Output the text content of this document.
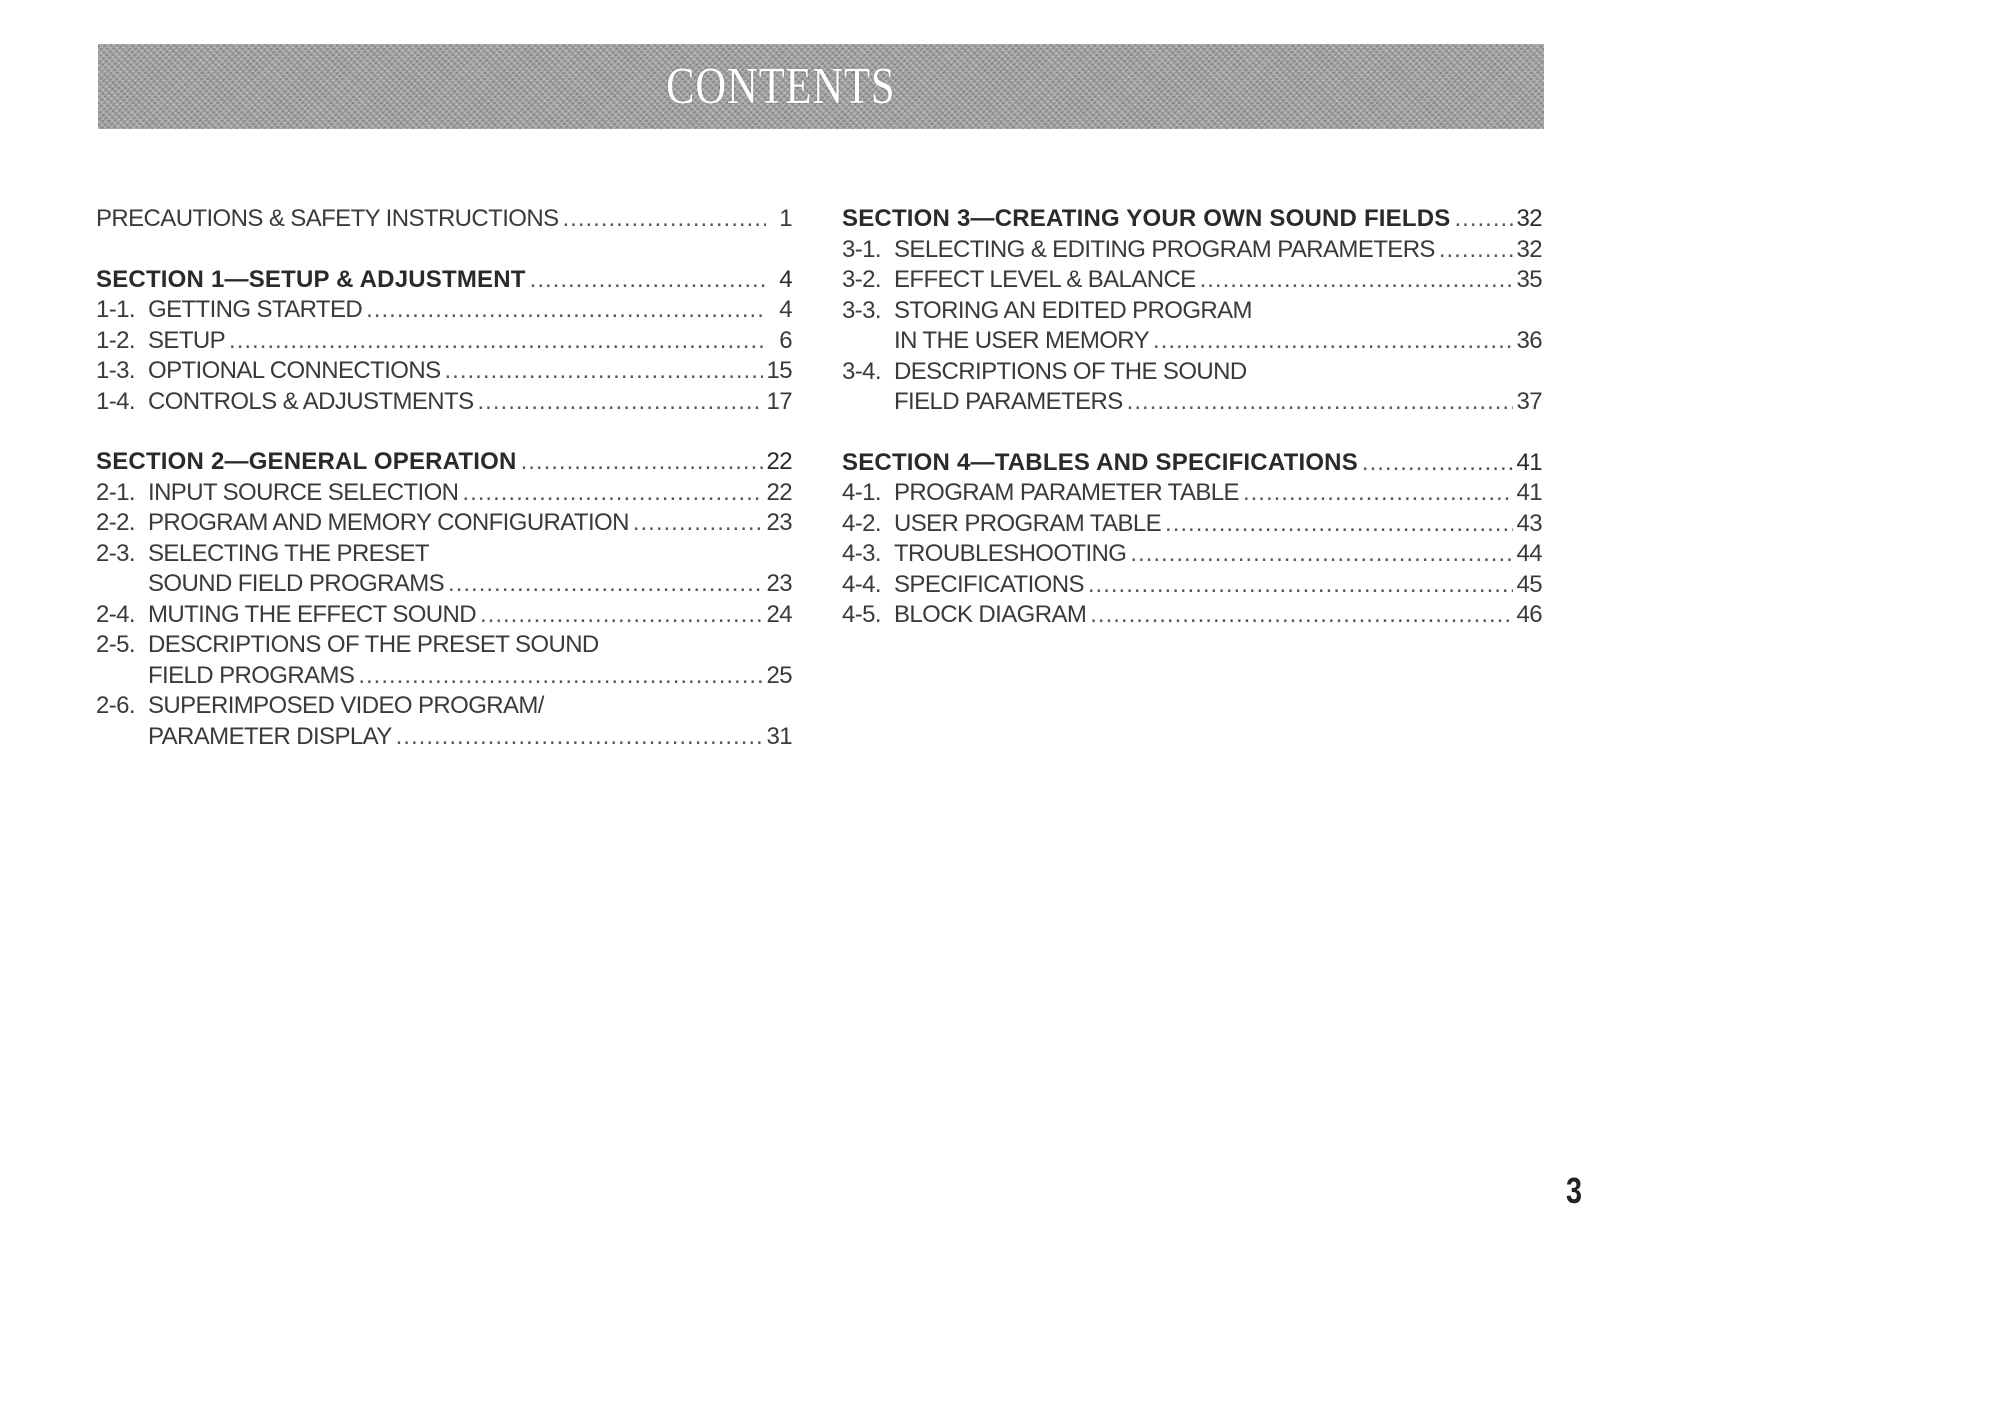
CONTENTS
PRECAUTIONS & SAFETY INSTRUCTIONS .....	1
SECTION 1—SETUP & ADJUSTMENT .....	4
1-1. GETTING STARTED .....	4
1-2. SETUP .....	6
1-3. OPTIONAL CONNECTIONS .....	15
1-4. CONTROLS & ADJUSTMENTS .....	17
SECTION 2—GENERAL OPERATION .....	22
2-1. INPUT SOURCE SELECTION .....	22
2-2. PROGRAM AND MEMORY CONFIGURATION .....	23
2-3. SELECTING THE PRESET
SOUND FIELD PROGRAMS .....	23
2-4. MUTING THE EFFECT SOUND .....	24
2-5. DESCRIPTIONS OF THE PRESET SOUND
FIELD PROGRAMS .....	25
2-6. SUPERIMPOSED VIDEO PROGRAM/
PARAMETER DISPLAY .....	31
SECTION 3—CREATING YOUR OWN SOUND FIELDS .....	32
3-1. SELECTING & EDITING PROGRAM PARAMETERS .....	32
3-2. EFFECT LEVEL & BALANCE .....	35
3-3. STORING AN EDITED PROGRAM
IN THE USER MEMORY .....	36
3-4. DESCRIPTIONS OF THE SOUND
FIELD PARAMETERS .....	37
SECTION 4—TABLES AND SPECIFICATIONS .....	41
4-1. PROGRAM PARAMETER TABLE .....	41
4-2. USER PROGRAM TABLE .....	43
4-3. TROUBLESHOOTING .....	44
4-4. SPECIFICATIONS .....	45
4-5. BLOCK DIAGRAM .....	46
3
